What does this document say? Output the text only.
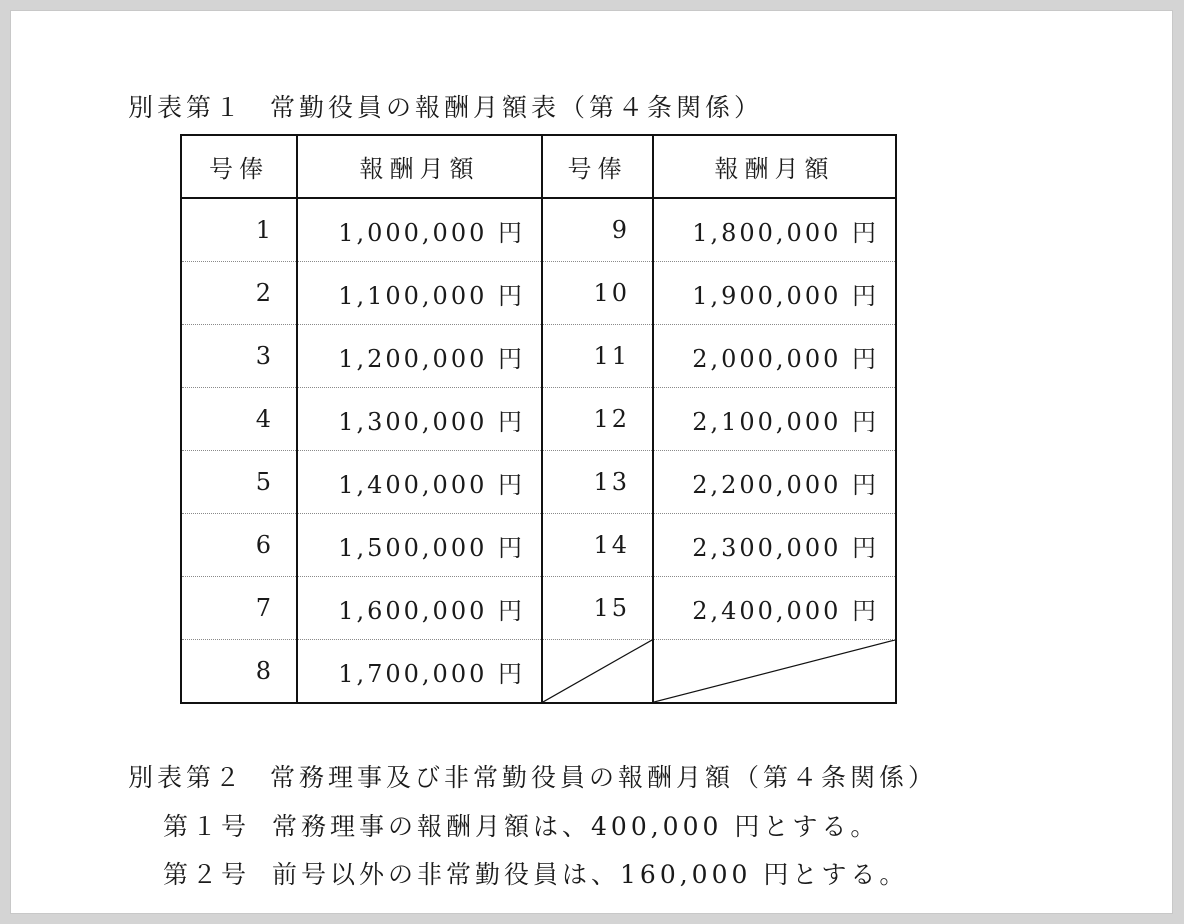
別表第１ 常勤役員の報酬月額表（第４条関係）
号俸	報酬月額	号俸	報酬月額
1	1,000,000 円	9	1,800,000 円
2	1,100,000 円	10	1,900,000 円
3	1,200,000 円	11	2,000,000 円
4	1,300,000 円	12	2,100,000 円
5	1,400,000 円	13	2,200,000 円
6	1,500,000 円	14	2,300,000 円
7	1,600,000 円	15	2,400,000 円
8	1,700,000 円	

別表第２ 常務理事及び非常勤役員の報酬月額（第４条関係）
第１号 常務理事の報酬月額は、400,000 円とする。
第２号 前号以外の非常勤役員は、160,000 円とする。
